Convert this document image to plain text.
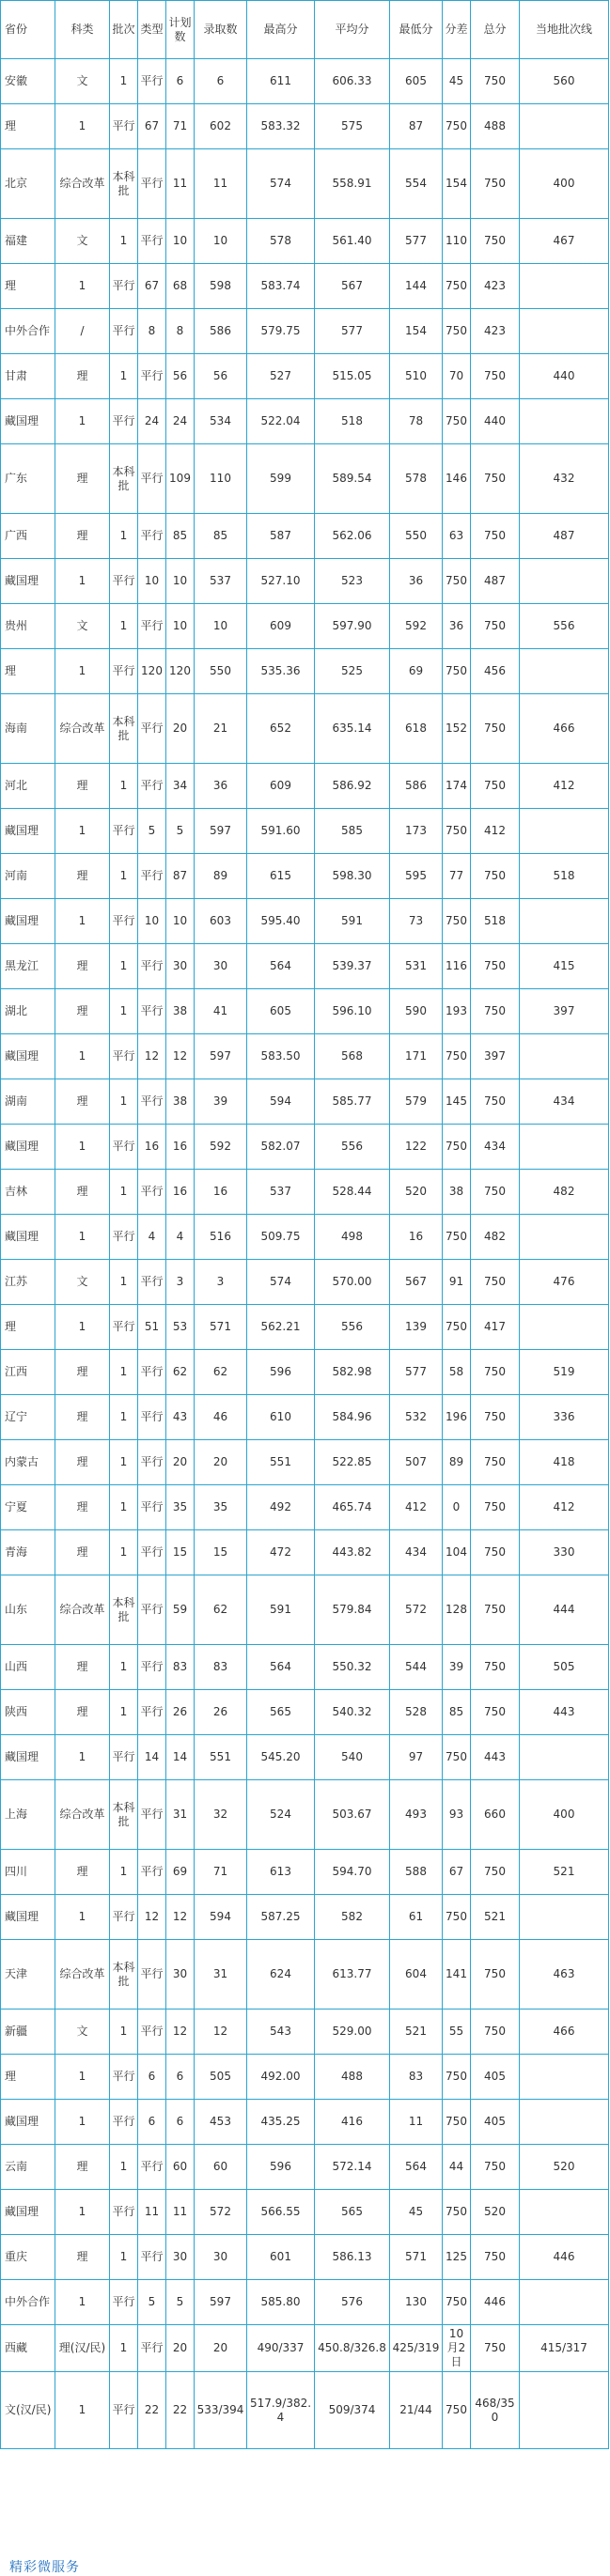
省份	科类	批次	类型	计划数	录取数	最高分	平均分	最低分	分差	总分	当地批次线
安徽	文	1	平行	6	6	611	606.33	605	45	750	560
理	1	平行	67	71	602	583.32	575	87	750	488	
北京	综合改革	本科批	平行	11	11	574	558.91	554	154	750	400
福建	文	1	平行	10	10	578	561.40	577	110	750	467
理	1	平行	67	68	598	583.74	567	144	750	423	
中外合作	/	平行	8	8	586	579.75	577	154	750	423	
甘肃	理	1	平行	56	56	527	515.05	510	70	750	440
藏国理	1	平行	24	24	534	522.04	518	78	750	440	
广东	理	本科批	平行	109	110	599	589.54	578	146	750	432
广西	理	1	平行	85	85	587	562.06	550	63	750	487
藏国理	1	平行	10	10	537	527.10	523	36	750	487	
贵州	文	1	平行	10	10	609	597.90	592	36	750	556
理	1	平行	120	120	550	535.36	525	69	750	456	
海南	综合改革	本科批	平行	20	21	652	635.14	618	152	750	466
河北	理	1	平行	34	36	609	586.92	586	174	750	412
藏国理	1	平行	5	5	597	591.60	585	173	750	412	
河南	理	1	平行	87	89	615	598.30	595	77	750	518
藏国理	1	平行	10	10	603	595.40	591	73	750	518	
黑龙江	理	1	平行	30	30	564	539.37	531	116	750	415
湖北	理	1	平行	38	41	605	596.10	590	193	750	397
藏国理	1	平行	12	12	597	583.50	568	171	750	397	
湖南	理	1	平行	38	39	594	585.77	579	145	750	434
藏国理	1	平行	16	16	592	582.07	556	122	750	434	
吉林	理	1	平行	16	16	537	528.44	520	38	750	482
藏国理	1	平行	4	4	516	509.75	498	16	750	482	
江苏	文	1	平行	3	3	574	570.00	567	91	750	476
理	1	平行	51	53	571	562.21	556	139	750	417	
江西	理	1	平行	62	62	596	582.98	577	58	750	519
辽宁	理	1	平行	43	46	610	584.96	532	196	750	336
内蒙古	理	1	平行	20	20	551	522.85	507	89	750	418
宁夏	理	1	平行	35	35	492	465.74	412	0	750	412
青海	理	1	平行	15	15	472	443.82	434	104	750	330
山东	综合改革	本科批	平行	59	62	591	579.84	572	128	750	444
山西	理	1	平行	83	83	564	550.32	544	39	750	505
陕西	理	1	平行	26	26	565	540.32	528	85	750	443
藏国理	1	平行	14	14	551	545.20	540	97	750	443	
上海	综合改革	本科批	平行	31	32	524	503.67	493	93	660	400
四川	理	1	平行	69	71	613	594.70	588	67	750	521
藏国理	1	平行	12	12	594	587.25	582	61	750	521	
天津	综合改革	本科批	平行	30	31	624	613.77	604	141	750	463
新疆	文	1	平行	12	12	543	529.00	521	55	750	466
理	1	平行	6	6	505	492.00	488	83	750	405	
藏国理	1	平行	6	6	453	435.25	416	11	750	405	
云南	理	1	平行	60	60	596	572.14	564	44	750	520
藏国理	1	平行	11	11	572	566.55	565	45	750	520	
重庆	理	1	平行	30	30	601	586.13	571	125	750	446
中外合作	1	平行	5	5	597	585.80	576	130	750	446	
西藏	理(汉/民)	1	平行	20	20	490/337	450.8/326.8	425/319	10月2日	750	415/317
文(汉/民)	1	平行	22	22	533/394	517.9/382.4	509/374	21/44	750	468/350	
精彩微服务
